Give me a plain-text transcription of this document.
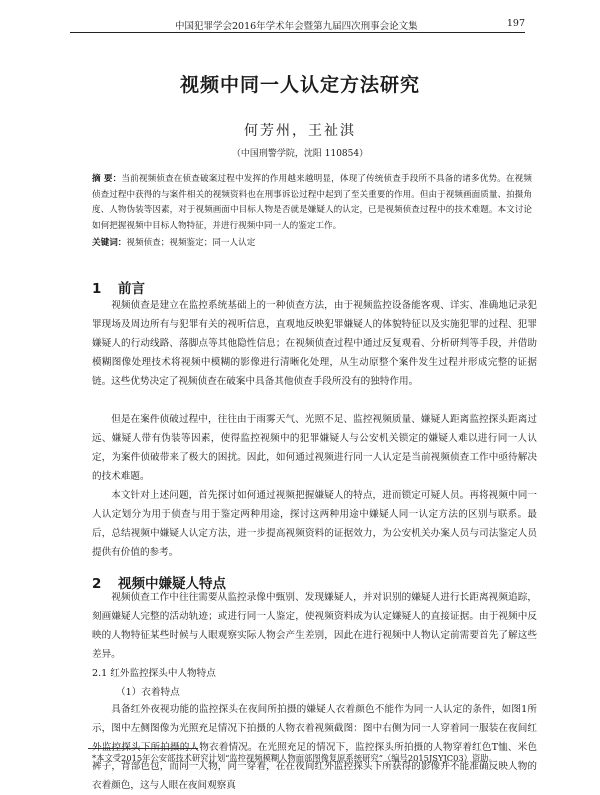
中国犯罪学会2016年学术年会暨第九届四次刑事会论文集	197
视频中同一人认定方法研究
何芳州，王祉淇
（中国刑警学院，沈阳 110854）
摘 要：当前视频侦查在侦查破案过程中发挥的作用越来越明显，体现了传统侦查手段所不具备的诸多优势。在视频侦查过程中获得的与案件相关的视频资料也在刑事诉讼过程中起到了至关重要的作用。但由于视频画面质量、拍摄角度、人物伪装等因素，对于视频画面中目标人物是否就是嫌疑人的认定，已是视频侦查过程中的技术难题。本文讨论如何把握视频中目标人物特征，并进行视频中同一人的鉴定工作。
关键词：视频侦查；视频鉴定；同一人认定
1 前言

视频侦查是建立在监控系统基础上的一种侦查方法，由于视频监控设备能客观、详实、准确地记录犯罪现场及周边所有与犯罪有关的视听信息，直观地反映犯罪嫌疑人的体貌特征以及实施犯罪的过程、犯罪嫌疑人的行动线路、落脚点等其他隐性信息；在视频侦查过程中通过反复观看、分析研判等手段，并借助模糊图像处理技术将视频中模糊的影像进行清晰化处理，从生动原整个案件发生过程并形成完整的证据链。这些优势决定了视频侦查在破案中具备其他侦查手段所没有的独特作用。

但是在案件侦破过程中，往往由于雨雾天气、光照不足、监控视频质量、嫌疑人距离监控探头距离过远、嫌疑人带有伪装等因素，使得监控视频中的犯罪嫌疑人与公安机关锁定的嫌疑人难以进行同一人认定，为案件侦破带来了极大的困扰。因此，如何通过视频进行同一人认定是当前视频侦查工作中亟待解决的技术难题。

本文针对上述问题，首先探讨如何通过视频把握嫌疑人的特点，进而锁定可疑人员。再将视频中同一人认定划分为用于侦查与用于鉴定两种用途，探讨这两种用途中嫌疑人同一认定方法的区别与联系。最后，总结视频中嫌疑人认定方法，进一步提高视频资料的证据效力，为公安机关办案人员与司法鉴定人员提供有价值的参考。

2 视频中嫌疑人特点

视频侦查工作中往往需要从监控录像中甄别、发现嫌疑人，并对识别的嫌疑人进行长距离视频追踪，刻画嫌疑人完整的活动轨迹；或进行同一人鉴定，使视频资料成为认定嫌疑人的直接证据。由于视频中反映的人物特征某些时候与人眼观察实际人物会产生差别，因此在进行视频中人物认定前需要首先了解这些差异。

2.1 红外监控探头中人物特点
（1）衣着特点

具备红外夜视功能的监控探头在夜间所拍摄的嫌疑人衣着颜色不能作为同一人认定的条件，如图1所示，图中左侧图像为光照充足情况下拍摄的人物衣着视频截图：图中右侧为同一人穿着同一服装在夜间红外监控探头下所拍摄的人物衣着情况。在光照充足的情况下，监控探头所拍摄的人物穿着红色T恤、米色裤子，背部色包，而同一人物，同一穿着，在在夜间红外监控探头下所获得的影像并不能准确反映人物的衣着颜色，这与人眼在夜间观察真

*本文受2015年公安部技术研究计划“监控视频模糊人物面部图像复原系统研究”（编号2015JSYJC03）资助。
